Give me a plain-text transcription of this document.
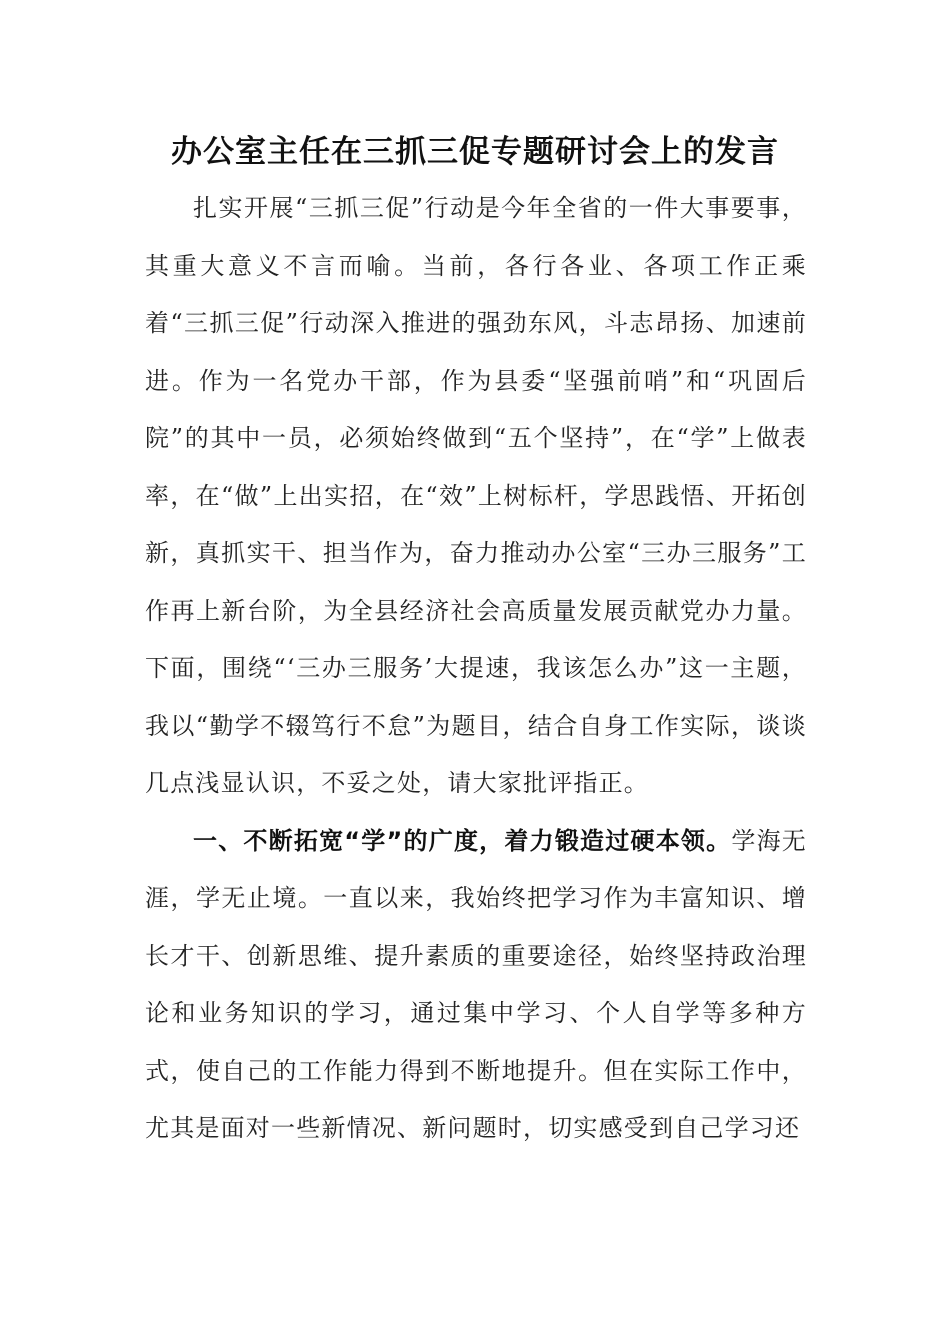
办公室主任在三抓三促专题研讨会上的发言

扎实开展“三抓三促”行动是今年全省的一件大事要事，其重大意义不言而喻。当前，各行各业、各项工作正乘着“三抓三促”行动深入推进的强劲东风，斗志昂扬、加速前进。作为一名党办干部，作为县委“坚强前哨”和“巩固后院”的其中一员，必须始终做到“五个坚持”，在“学”上做表率，在“做”上出实招，在“效”上树标杆，学思践悟、开拓创新，真抓实干、担当作为，奋力推动办公室“三办三服务”工作再上新台阶，为全县经济社会高质量发展贡献党办力量。下面，围绕“‘三办三服务’大提速，我该怎么办”这一主题，我以“勤学不辍笃行不怠”为题目，结合自身工作实际，谈谈几点浅显认识，不妥之处，请大家批评指正。

一、不断拓宽“学”的广度，着力锻造过硬本领。学海无涯，学无止境。一直以来，我始终把学习作为丰富知识、增长才干、创新思维、提升素质的重要途径，始终坚持政治理论和业务知识的学习，通过集中学习、个人自学等多种方式，使自己的工作能力得到不断地提升。但在实际工作中，尤其是面对一些新情况、新问题时，切实感受到自己学习还
